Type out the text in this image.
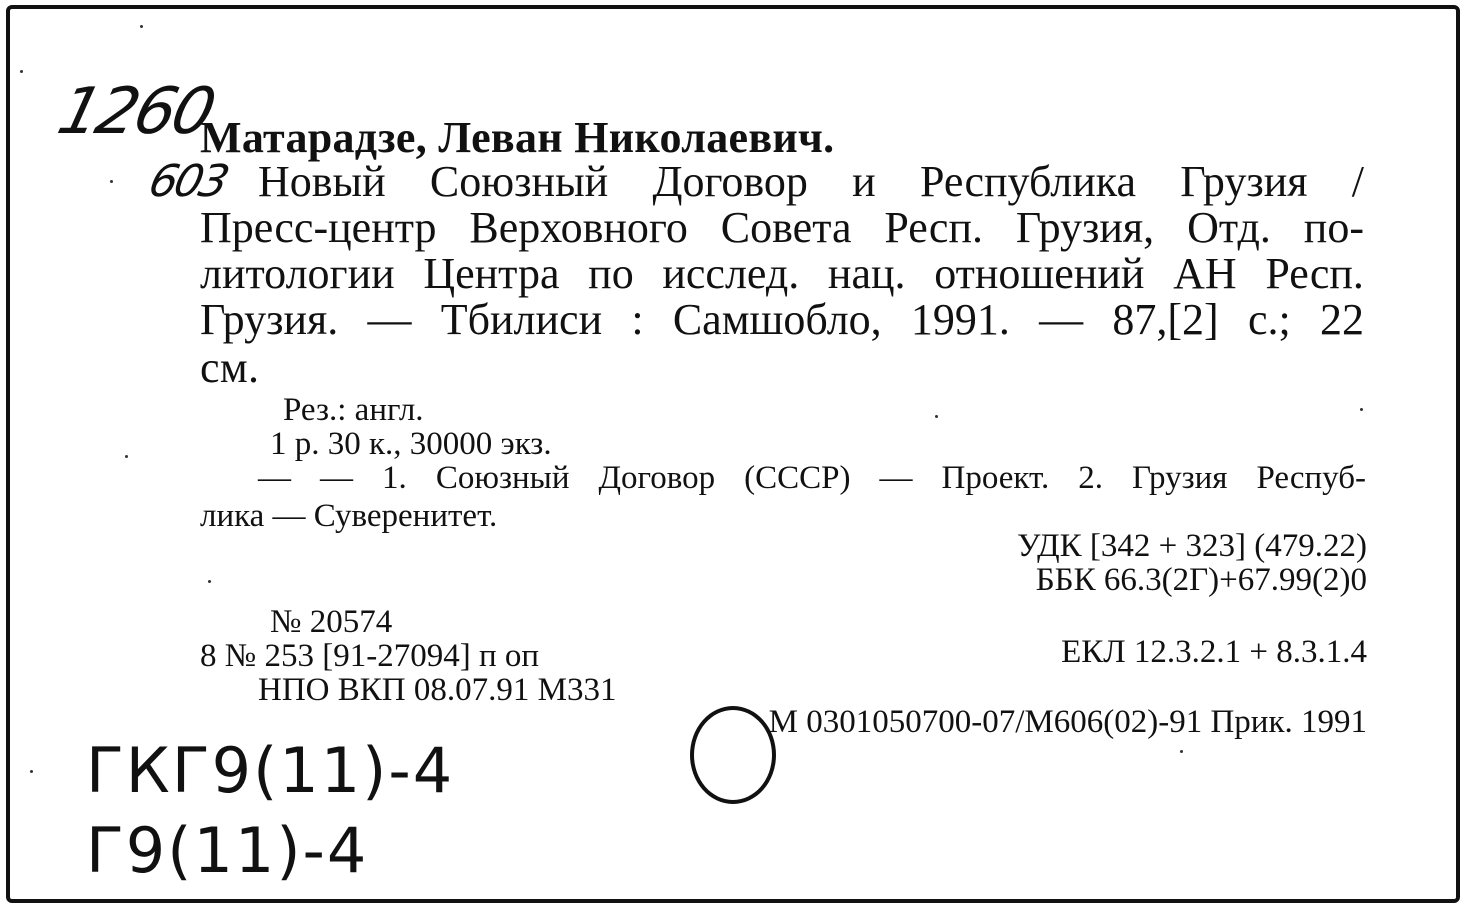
1260
603
Матарадзе, Леван Николаевич.
Новый Союзный Договор и Республика Грузия /
Пресс-центр Верховного Совета Респ. Грузия, Отд. по-
литологии Центра по исслед. нац. отношений АН Респ.
Грузия. — Тбилиси : Самшобло, 1991. — 87,[2] с.; 22
см.
Рез.: англ.
1 р. 30 к., 30000 экз.
— — 1. Союзный Договор (СССР) — Проект. 2. Грузия Респуб-
лика — Суверенитет.
УДК [342 + 323] (479.22)
ББК 66.3(2Г)+67.99(2)0
ЕКЛ 12.3.2.1 + 8.3.1.4
№ 20574
8 № 253 [91-27094] п оп
НПО ВКП 08.07.91 М331
М 0301050700-07/М606(02)-91 Прик. 1991
ГКГ9(11)-4
Г9(11)-4
